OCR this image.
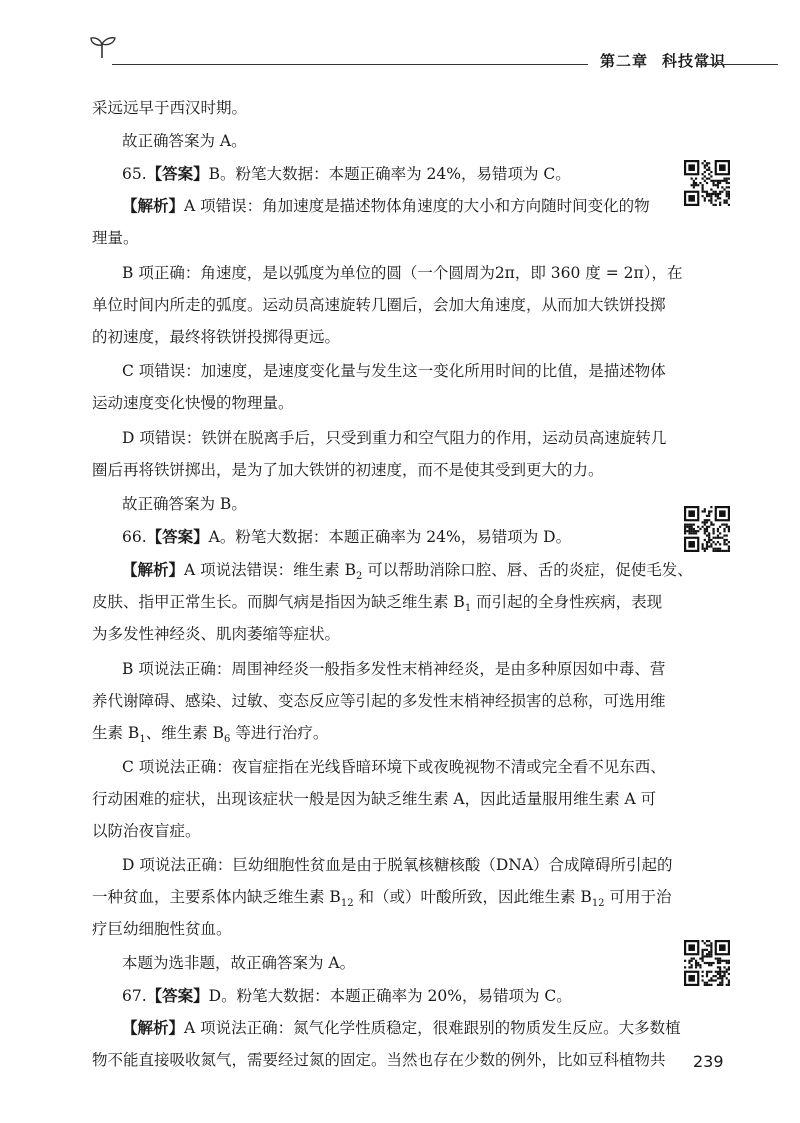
第二章 科技常识
采远远早于西汉时期。
故正确答案为 A。
65.【答案】B。粉笔大数据：本题正确率为 24%，易错项为 C。
【解析】A 项错误：角加速度是描述物体角速度的大小和方向随时间变化的物
理量。
B 项正确：角速度，是以弧度为单位的圆（一个圆周为2π，即 360 度 = 2π），在
单位时间内所走的弧度。运动员高速旋转几圈后，会加大角速度，从而加大铁饼投掷
的初速度，最终将铁饼投掷得更远。
C 项错误：加速度，是速度变化量与发生这一变化所用时间的比值，是描述物体
运动速度变化快慢的物理量。
D 项错误：铁饼在脱离手后，只受到重力和空气阻力的作用，运动员高速旋转几
圈后再将铁饼掷出，是为了加大铁饼的初速度，而不是使其受到更大的力。
故正确答案为 B。
66.【答案】A。粉笔大数据：本题正确率为 24%，易错项为 D。
【解析】A 项说法错误：维生素 $B_2$ 可以帮助消除口腔、唇、舌的炎症，促使毛发、
皮肤、指甲正常生长。而脚气病是指因为缺乏维生素 $B_1$ 而引起的全身性疾病，表现
为多发性神经炎、肌肉萎缩等症状。
B 项说法正确：周围神经炎一般指多发性末梢神经炎，是由多种原因如中毒、营
养代谢障碍、感染、过敏、变态反应等引起的多发性末梢神经损害的总称，可选用维
生素 $B_1$、维生素 $B_6$ 等进行治疗。
C 项说法正确：夜盲症指在光线昏暗环境下或夜晚视物不清或完全看不见东西、
行动困难的症状，出现该症状一般是因为缺乏维生素 A，因此适量服用维生素 A 可
以防治夜盲症。
D 项说法正确：巨幼细胞性贫血是由于脱氧核糖核酸（DNA）合成障碍所引起的
一种贫血，主要系体内缺乏维生素 $B_{12}$ 和（或）叶酸所致，因此维生素 $B_{12}$ 可用于治
疗巨幼细胞性贫血。
本题为选非题，故正确答案为 A。
67.【答案】D。粉笔大数据：本题正确率为 20%，易错项为 C。
【解析】A 项说法正确：氮气化学性质稳定，很难跟别的物质发生反应。大多数植
物不能直接吸收氮气，需要经过氮的固定。当然也存在少数的例外，比如豆科植物共 239
